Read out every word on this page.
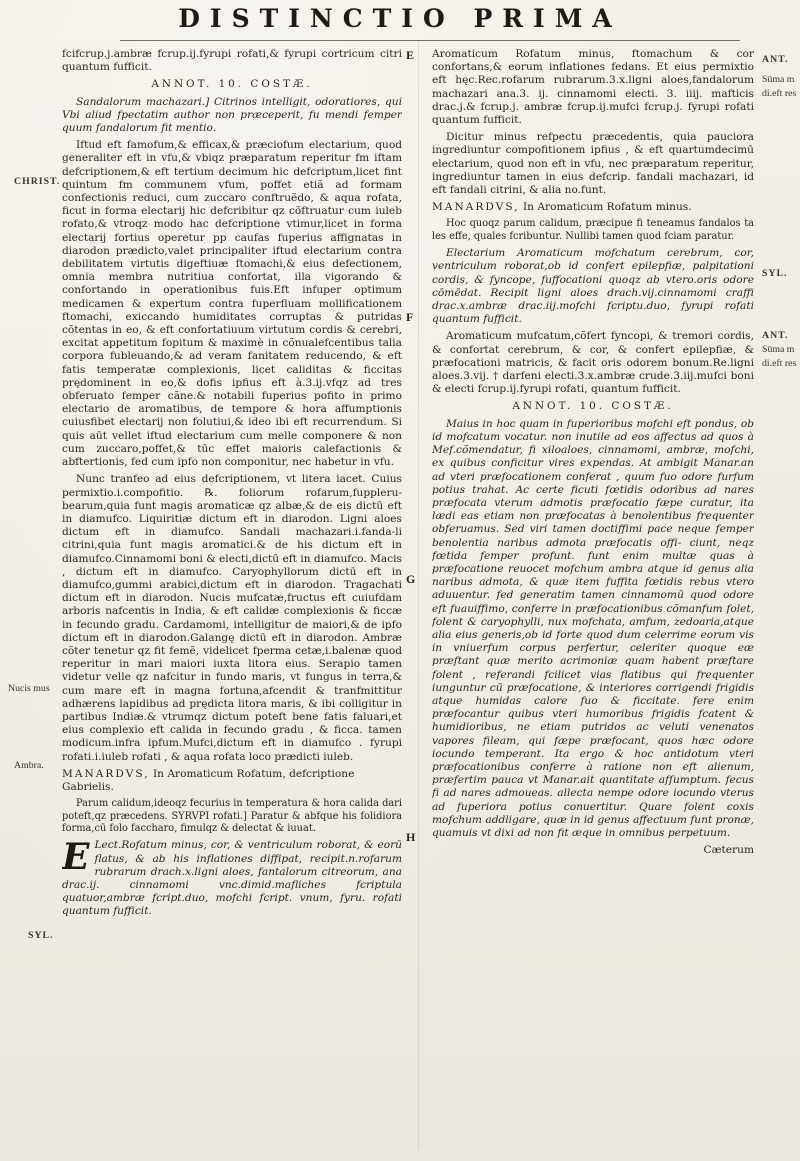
DISTINCTIO PRIMA
E
F
G
H
CHRIST.
Nucis mus
Ambra.
SYL.
ANT.
Sūma m
di.eft res
SYL.
ANT.
Sūma m
di.eft res

fcifcrup.j.ambræ fcrup.ij.fyrupi rofati,& fyrupi cortricum citri quantum fufficit.

ANNOT. 10. COSTÆ.

Sandalorum machazari.] Citrinos intelligit, odoratiores, qui Vbi aliud fpectatim author non præceperit, fu mendi femper quum fandalorum fit mentio.

Iftud eft famofum,& efficax,& præciofum electarium, quod generaliter eft in vfu,& vbiqz præparatum reperitur fm iftam defcriptionem,& eft tertium decimum hic defcriptum,licet fint quintum fm communem vfum, poffet etiã ad formam confectionis reduci, cum zuccaro conftruẽdo, & aqua rofata, ficut in forma electarij hic defcribitur qz cõftruatur cum iuleb rofato,& vtroqz modo hac defcriptione vtimur,licet in forma electarij fortius operetur pp caufas fuperius affignatas in diarodon prædicto,valet principaliter iftud electarium contra debilitatem virtutis digeftiuæ ftomachi,& eius defectionem, omnia membra nutritiua confortat, illa vigorando & confortando in operationibus fuis.Eft infuper optimum medicamen & expertum contra fuperfluam mollificationem ftomachi, exiccando humiditates corruptas & putridas cõtentas in eo, & eft confortatiuum virtutum cordis & cerebri, excitat appetitum fopitum & maximè in cõnualefcentibus talia corpora fubleuando,& ad veram fanitatem reducendo, & eft fatis temperatæ complexionis, licet caliditas & ficcitas prędominent in eo,& dofis ipfius eft à.3.ij.vfqz ad tres obferuato femper cãne.& notabili fuperius pofito in primo electario de aromatibus, de tempore & hora affumptionis cuiusfibet electarij non folutiui,& ideo ibi eft recurrendum. Si quis aūt vellet iftud electarium cum melle componere & non cum zuccaro,poffet,& tūc effet maioris calefactionis & abftertionis, fed cum ipfo non componitur, nec habetur in vfu.

Nunc tranfeo ad eius defcriptionem, vt litera iacet. Cuius permixtio.i.compofitio. ℞. foliorum rofarum,fuppleru-bearum,quia funt magis aromaticæ qz albæ,& de eis dictū eft in diamufco. Liquiritiæ dictum eft in diarodon. Ligni aloes dictum eft in diamufco. Sandali machazari.i.fanda-li citrini,quia funt magis aromatici.& de his dictum eft in diamufco.Cinnamomi boni & electi,dictū eft in diamufco. Macis , dictum eft in diamufco. Caryophyllorum dictū eft in diamufco,gummi arabici,dictum eft in diarodon. Tragachati dictum eft in diarodon. Nucis mufcatæ,fructus eft cuiufdam arboris nafcentis in India, & eft calidæ complexionis & ficcæ in fecundo gradu. Cardamomi, intelligitur de maiori,& de ipfo dictum eft in diarodon.Galangę dictū eft in diarodon. Ambræ cõter tenetur qz fit femẽ, videlicet fperma cetæ,i.balenæ quod reperitur in mari maiori iuxta litora eius. Serapio tamen videtur velle qz nafcitur in fundo maris, vt fungus in terra,& cum mare eft in magna fortuna,afcendit & tranfmittitur adhærens lapidibus ad prędicta litora maris, & ibi colligitur in partibus Indiæ.& vtrumqz dictum poteft bene fatis faluari,et eius complexio eft calida in fecundo gradu , & ficca. tamen modicum.infra ipfum.Mufci,dictum eft in diamufco . fyrupi rofati.i.iuleb rofati , & aqua rofata loco prædicti iuleb.

MANARDVS, In Aromaticum Rofatum, defcriptione Gabrielis.

Parum calidum,ideoqz fecurius in temperatura & hora calida dari poteft,qz præcedens. SYRVPI rofati.] Paratur & abfque his folidiora forma,cū folo faccharo, fimulqz & delectat & iuuat.

E Lect.Rofatum minus, cor, & ventriculum roborat, & eorū flatus, & ab his inflationes diffipat, recipit.n.rofarum rubrarum drach.x.ligni aloes, fantalorum citreorum, ana drac.ij. cinnamomi vnc.dimid.mafliches fcriptula quatuor,ambræ fcript.duo, mofchi fcript. vnum, fyru. rofati quantum fufficit.

Aromaticum Rofatum minus, ftomachum & cor confortans,& eorum inflationes fedans. Et eius permixtio eft hęc.Rec.rofarum rubrarum.3.x.ligni aloes,fandalorum machazari ana.3. ij. cinnamomi electi. 3. iiij. mafticis drac.j.& fcrup.j. ambræ fcrup.ij.mufci fcrup.j. fyrupi rofati quantum fufficit.

Dicitur minus refpectu præcedentis, quia pauciora ingrediuntur compofitionem ipfius , & eft quartumdecimū electarium, quod non eft in vfu, nec præparatum reperitur, ingrediuntur tamen in eius defcrip. fandali machazari, id eft fandali citrini, & alia no.funt.

MANARDVS, In Aromaticum Rofatum minus.

Hoc quoqz parum calidum, præcipue fi teneamus fandalos ta les effe, quales fcribuntur. Nullibi tamen quod fciam paratur.

Electarium Aromaticum mofchatum cerebrum, cor, ventriculum roborat,ob id confert epilepfiæ, palpitationi cordis, & fyncope, fuffocationi quoqz ab vtero.oris odore cōmēdat. Recipit ligni aloes drach.vij.cinnamomi craffi drac.x.ambræ drac.iij.mofchi fcriptu.duo, fyrupi rofati quantum fufficit.

Aromaticum mufcatum,cõfert fyncopi, & tremori cordis, & confortat cerebrum, & cor, & confert epilepfiæ, & præfocationi matricis, & facit oris odorem bonum.Re.ligni aloes.3.vij. † darfeni electi.3.x.ambræ crude.3.iij.mufci boni & electi fcrup.ij.fyrupi rofati, quantum fufficit.

ANNOT. 10. COSTÆ.

Maius in hoc quam in fuperioribus mofchi eft pondus, ob id mofcatum vocatur. non inutile ad eos affectus ad quos à Mef.cõmendatur, fi xiloaloes, cinnamomi, ambræ, mofchi, ex quibus conficitur vires expendas. At ambigit Manar.an ad vteri præfocationem conferat , quum fuo odore furfum potius trahat. Ac certe ficuti fœtidis odoribus ad nares præfocata vterum admotis præfocatio fæpe curatur, ita lædi eas etiam non præfocatas à benolentibus frequenter obferuamus. Sed viri tamen doctiffimi pace neque femper benolentia naribus admota præfocatis offi- ciunt, neqz fœtida femper profunt. funt enim multæ quas à præfocatione reuocet mofchum ambra atque id genus alia naribus admota, & quæ item fuffita fœtidis rebus vtero aduuentur. fed generatim tamen cinnamomū quod odore eft fuauiffimo, conferre in præfocationibus cõmanfum folet, folent & caryophylli, nux mofchata, amfum, zedoaria,atque alia eius generis,ob id forte quod dum celerrime eorum vis in vniuerfum corpus perfertur, celeriter quoque eæ præftant quæ merito acrimoniæ quam habent præftare folent , referandi fcilicet vias flatibus qui frequenter iunguntur cū præfocatione, & interiores corrigendi frigidis atque humidas calore fuo & ficcitate. fere enim præfocantur quibus vteri humoribus frigidis fcatent & humidioribus, ne etiam putridos ac veluti venenatos vapores fileam, qui fæpe præfocant, quos hæc odore iocundo temperant. Ita ergo & hoc antidotum vteri præfocationibus conferre à ratione non eft alienum, præfertim pauca vt Manar.ait quantitate afſumptum. fecus fi ad nares admoueas. allecta nempe odore iocundo vterus ad fuperiora potius conuertitur. Quare folent coxis mofchum addligare, quæ in id genus affectuum funt pronæ, quamuis vt dixi ad non fit æque in omnibus perpetuum.

Cæterum
